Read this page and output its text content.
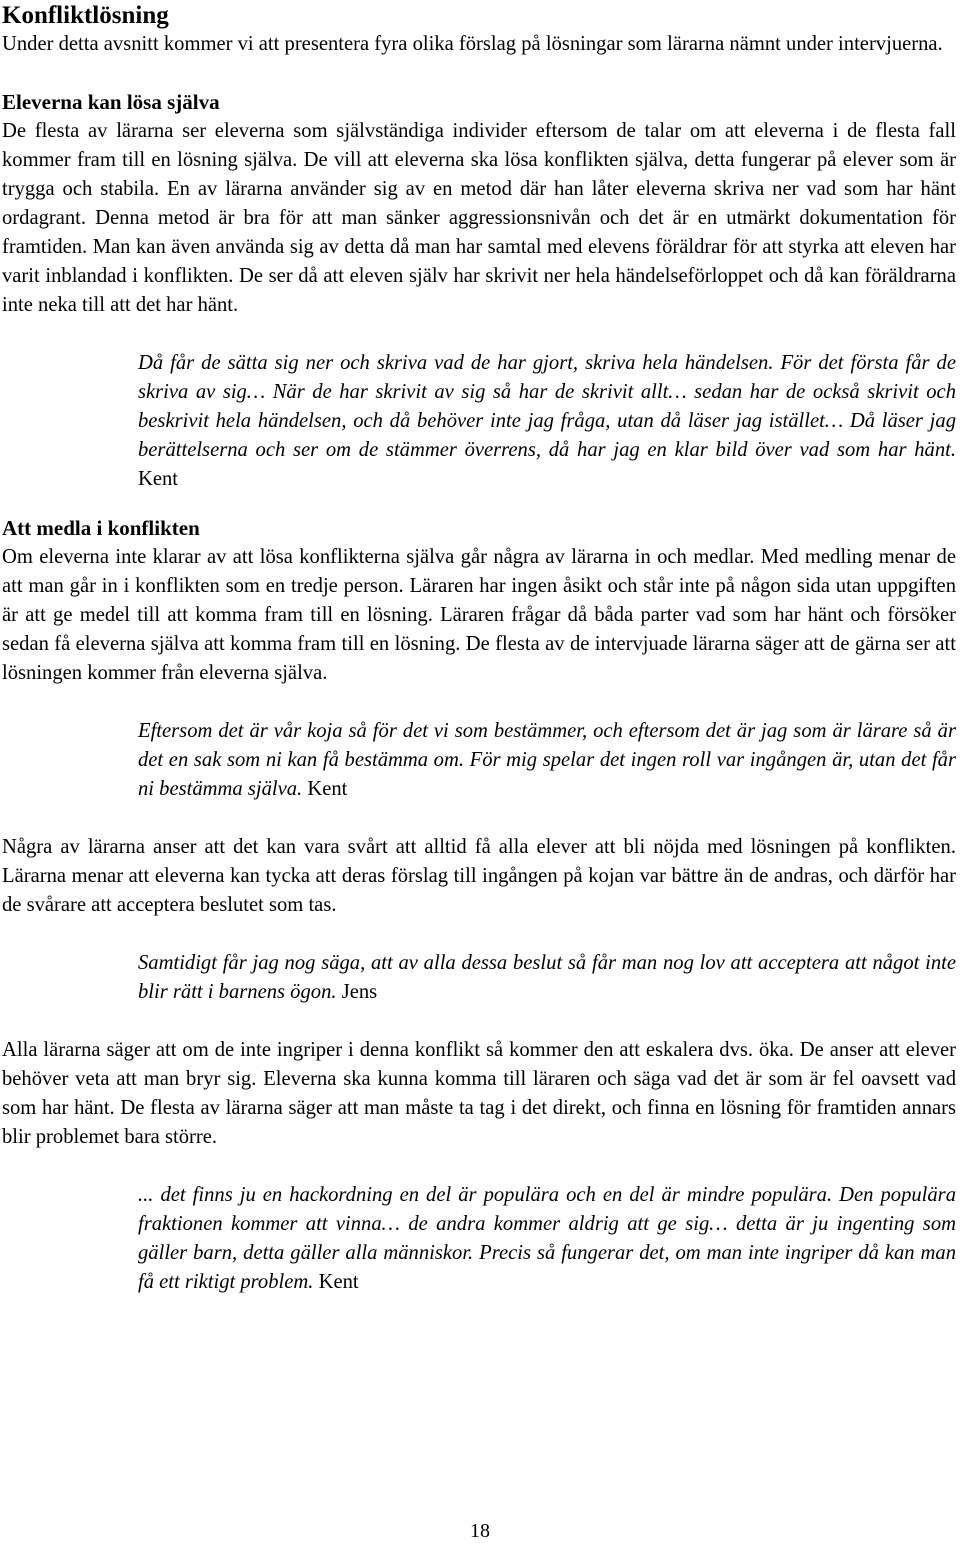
Konfliktlösning

Under detta avsnitt kommer vi att presentera fyra olika förslag på lösningar som lärarna nämnt under intervjuerna.

Eleverna kan lösa själva

De flesta av lärarna ser eleverna som självständiga individer eftersom de talar om att eleverna i de flesta fall kommer fram till en lösning själva. De vill att eleverna ska lösa konflikten själva, detta fungerar på elever som är trygga och stabila. En av lärarna använder sig av en metod där han låter eleverna skriva ner vad som har hänt ordagrant. Denna metod är bra för att man sänker aggressionsnivån och det är en utmärkt dokumentation för framtiden. Man kan även använda sig av detta då man har samtal med elevens föräldrar för att styrka att eleven har varit inblandad i konflikten. De ser då att eleven själv har skrivit ner hela händelseförloppet och då kan föräldrarna inte neka till att det har hänt.

Då får de sätta sig ner och skriva vad de har gjort, skriva hela händelsen. För det första får de skriva av sig… När de har skrivit av sig så har de skrivit allt… sedan har de också skrivit och beskrivit hela händelsen, och då behöver inte jag fråga, utan då läser jag istället… Då läser jag berättelserna och ser om de stämmer överrens, då har jag en klar bild över vad som har hänt. Kent
Att medla i konflikten

Om eleverna inte klarar av att lösa konflikterna själva går några av lärarna in och medlar. Med medling menar de att man går in i konflikten som en tredje person. Läraren har ingen åsikt och står inte på någon sida utan uppgiften är att ge medel till att komma fram till en lösning. Läraren frågar då båda parter vad som har hänt och försöker sedan få eleverna själva att komma fram till en lösning. De flesta av de intervjuade lärarna säger att de gärna ser att lösningen kommer från eleverna själva.

Eftersom det är vår koja så för det vi som bestämmer, och eftersom det är jag som är lärare så är det en sak som ni kan få bestämma om. För mig spelar det ingen roll var ingången är, utan det får ni bestämma själva. Kent

Några av lärarna anser att det kan vara svårt att alltid få alla elever att bli nöjda med lösningen på konflikten. Lärarna menar att eleverna kan tycka att deras förslag till ingången på kojan var bättre än de andras, och därför har de svårare att acceptera beslutet som tas.

Samtidigt får jag nog säga, att av alla dessa beslut så får man nog lov att acceptera att något inte blir rätt i barnens ögon. Jens

Alla lärarna säger att om de inte ingriper i denna konflikt så kommer den att eskalera dvs. öka. De anser att elever behöver veta att man bryr sig. Eleverna ska kunna komma till läraren och säga vad det är som är fel oavsett vad som har hänt. De flesta av lärarna säger att man måste ta tag i det direkt, och finna en lösning för framtiden annars blir problemet bara större.

... det finns ju en hackordning en del är populära och en del är mindre populära. Den populära fraktionen kommer att vinna… de andra kommer aldrig att ge sig… detta är ju ingenting som gäller barn, detta gäller alla människor. Precis så fungerar det, om man inte ingriper då kan man få ett riktigt problem. Kent
18
